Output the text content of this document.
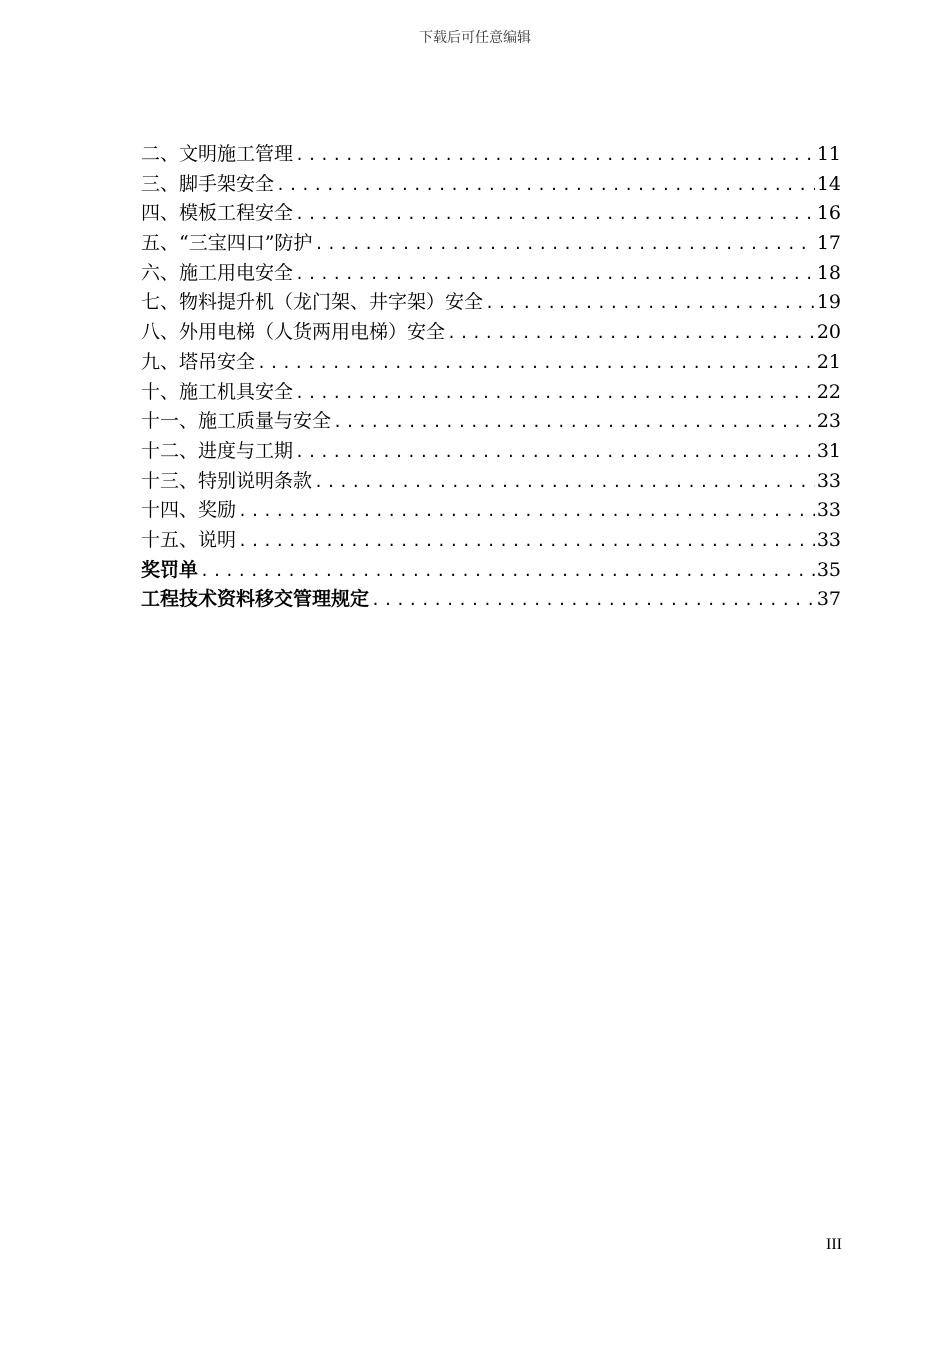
下载后可任意编辑
二、文明施工管理 .....	11
三、脚手架安全 .....	14
四、模板工程安全 .....	16
五、“三宝四口”防护 .....	17
六、施工用电安全 .....	18
七、物料提升机（龙门架、井字架）安全 .....	19
八、外用电梯（人货两用电梯）安全 .....	20
九、塔吊安全 .....	21
十、施工机具安全 .....	22
十一、施工质量与安全 .....	23
十二、进度与工期 .....	31
十三、特别说明条款 .....	33
十四、奖励 .....	33
十五、说明 .....	33
奖罚单 .....	35
工程技术资料移交管理规定 .....	37
III
